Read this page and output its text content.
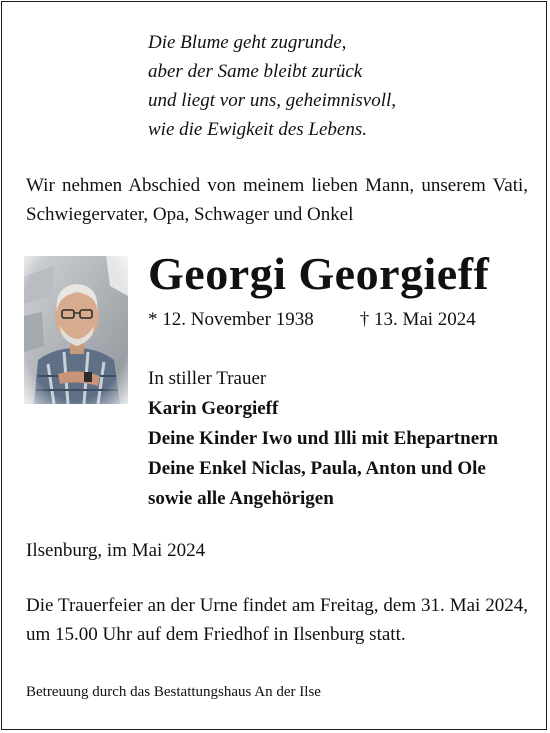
Die Blume geht zugrunde,
aber der Same bleibt zurück
und liegt vor uns, geheimnisvoll,
wie die Ewigkeit des Lebens.
Wir nehmen Abschied von meinem lieben Mann, unserem Vati, Schwiegervater, Opa, Schwager und Onkel
Georgi Georgieff
* 12. November 1938 † 13. Mai 2024
In stiller Trauer
Karin Georgieff
Deine Kinder Iwo und Illi mit Ehepartnern
Deine Enkel Niclas, Paula, Anton und Ole
sowie alle Angehörigen
Ilsenburg, im Mai 2024
Die Trauerfeier an der Urne findet am Freitag, dem 31. Mai 2024, um 15.00 Uhr auf dem Friedhof in Ilsenburg statt.
Betreuung durch das Bestattungshaus An der Ilse
